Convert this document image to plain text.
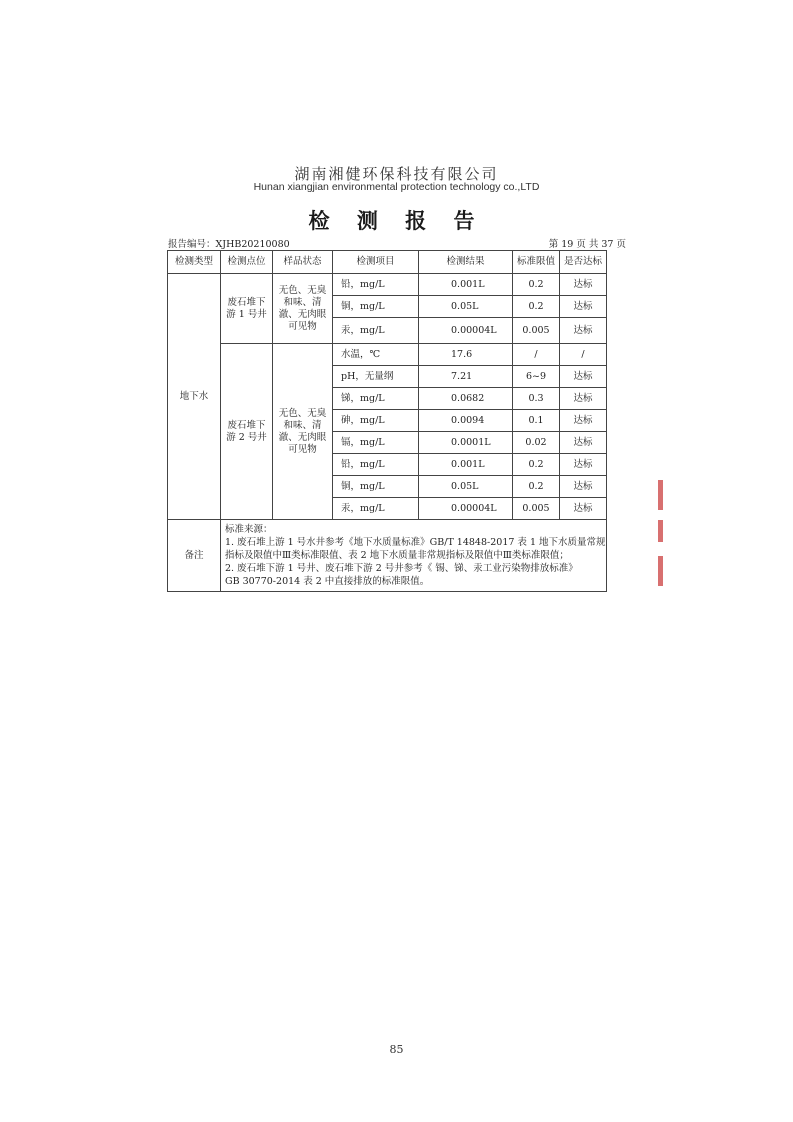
湖南湘健环保科技有限公司
Hunan xiangjian environmental protection technology co.,LTD
检 测 报 告
报告编号：XJHB20210080	第 19 页 共 37 页
检测类型	检测点位	样品状态	检测项目	检测结果	标准限值	是否达标
地下水	废石堆下游 1 号井	无色、无臭和味、清澈、无肉眼可见物	铅，mg/L	0.001L	0.2	达标
			铜，mg/L	0.05L	0.2	达标
			汞，mg/L	0.00004L	0.005	达标
	废石堆下游 2 号井	无色、无臭和味、清澈、无肉眼可见物	水温，℃	17.6	/	/
			pH，无量纲	7.21	6~9	达标
			锑，mg/L	0.0682	0.3	达标
			砷，mg/L	0.0094	0.1	达标
			镉，mg/L	0.0001L	0.02	达标
			铅，mg/L	0.001L	0.2	达标
			铜，mg/L	0.05L	0.2	达标
			汞，mg/L	0.00004L	0.005	达标
备注	标准来源：
1. 废石堆上游 1 号水井参考《地下水质量标准》GB/T 14848-2017 表 1 地下水质量常规
指标及限值中Ⅲ类标准限值、表 2 地下水质量非常规指标及限值中Ⅲ类标准限值；
2. 废石堆下游 1 号井、废石堆下游 2 号井参考《 锡、锑、汞工业污染物排放标准》
GB 30770-2014 表 2 中直接排放的标准限值。					
85
